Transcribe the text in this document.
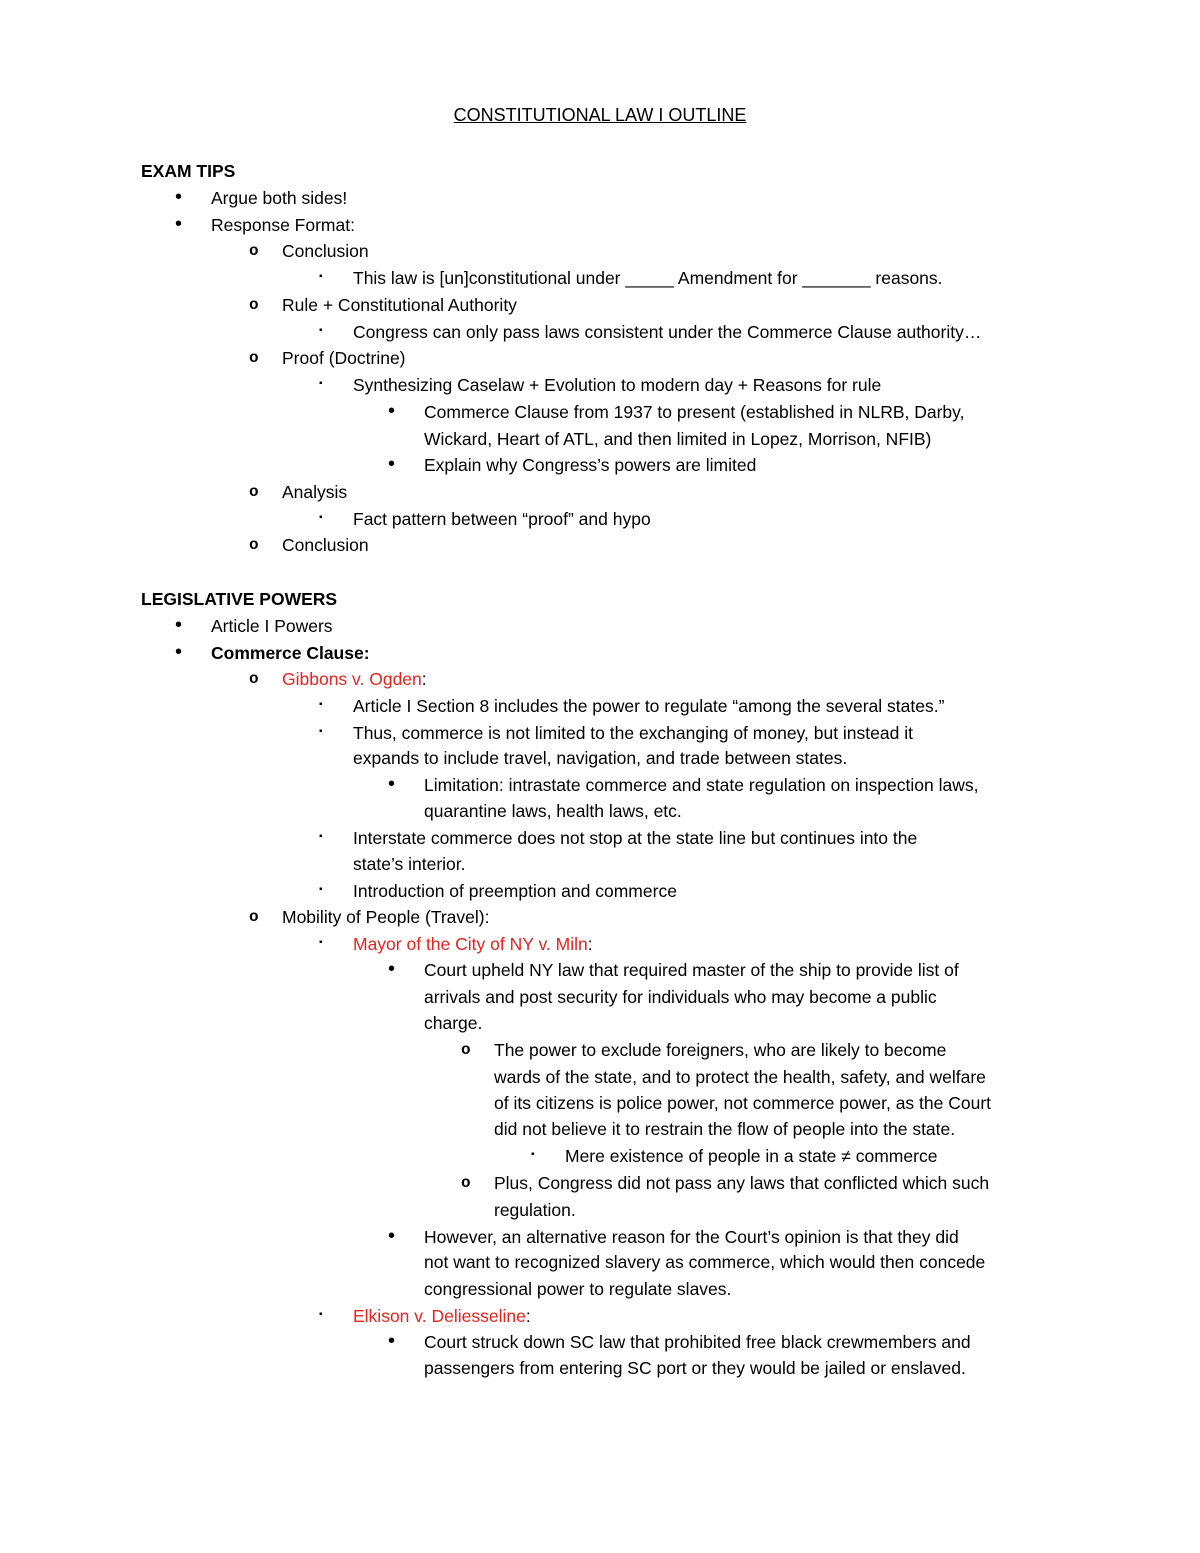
CONSTITUTIONAL LAW I OUTLINE
EXAM TIPS
• Argue both sides!
• Response Format:
o Conclusion
▪ This law is [un]constitutional under _____ Amendment for _______ reasons.
o Rule + Constitutional Authority
▪ Congress can only pass laws consistent under the Commerce Clause authority…
o Proof (Doctrine)
▪ Synthesizing Caselaw + Evolution to modern day + Reasons for rule
• Commerce Clause from 1937 to present (established in NLRB, Darby,
Wickard, Heart of ATL, and then limited in Lopez, Morrison, NFIB)
• Explain why Congress’s powers are limited
o Analysis
▪ Fact pattern between “proof” and hypo
o Conclusion
LEGISLATIVE POWERS
• Article I Powers
• Commerce Clause:
o Gibbons v. Ogden:
▪ Article I Section 8 includes the power to regulate “among the several states.”
▪ Thus, commerce is not limited to the exchanging of money, but instead it
expands to include travel, navigation, and trade between states.
• Limitation: intrastate commerce and state regulation on inspection laws,
quarantine laws, health laws, etc.
▪ Interstate commerce does not stop at the state line but continues into the
state’s interior.
▪ Introduction of preemption and commerce
o Mobility of People (Travel):
▪ Mayor of the City of NY v. Miln:
• Court upheld NY law that required master of the ship to provide list of
arrivals and post security for individuals who may become a public
charge.
o The power to exclude foreigners, who are likely to become
wards of the state, and to protect the health, safety, and welfare
of its citizens is police power, not commerce power, as the Court
did not believe it to restrain the flow of people into the state.
▪ Mere existence of people in a state ≠ commerce
o Plus, Congress did not pass any laws that conflicted which such
regulation.
• However, an alternative reason for the Court’s opinion is that they did
not want to recognized slavery as commerce, which would then concede
congressional power to regulate slaves.
▪ Elkison v. Deliesseline:
• Court struck down SC law that prohibited free black crewmembers and
passengers from entering SC port or they would be jailed or enslaved.
